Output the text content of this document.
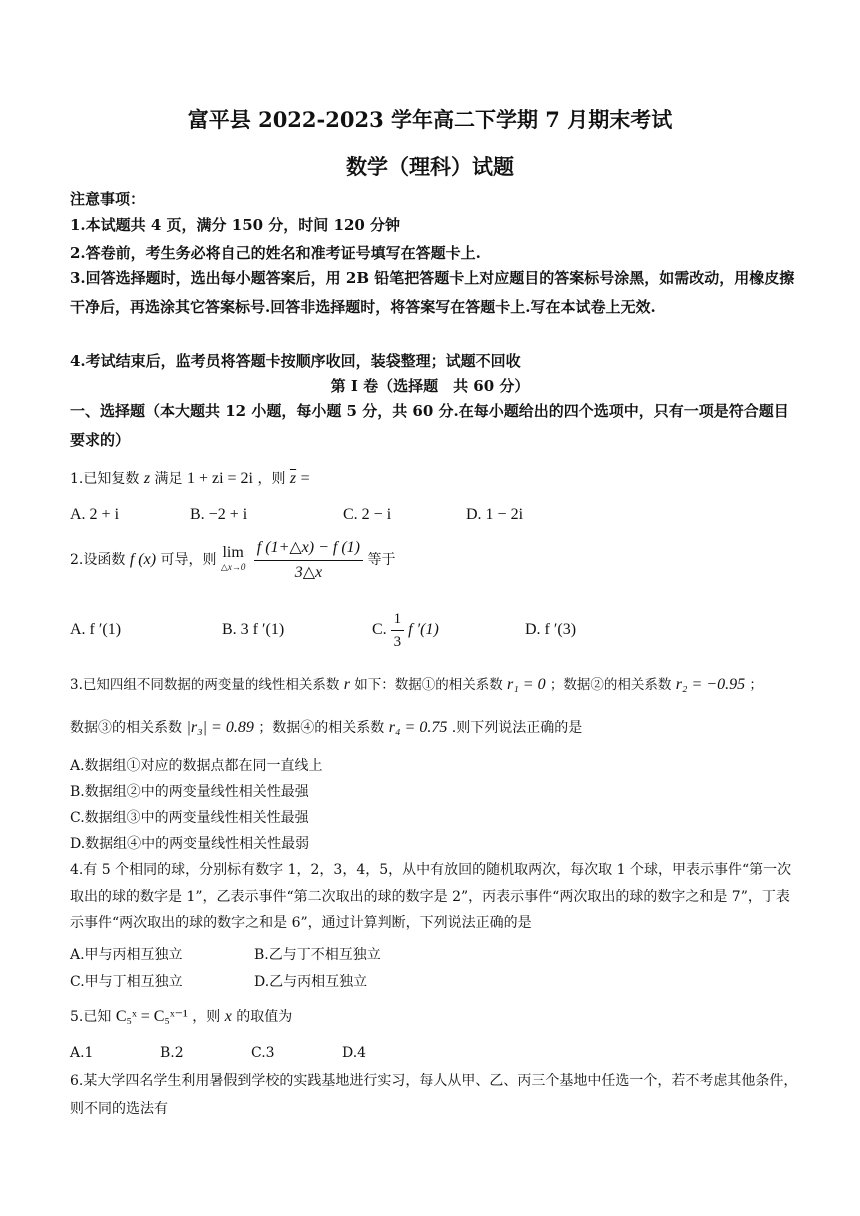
富平县 2022-2023 学年高二下学期 7 月期末考试
数学（理科）试题
注意事项：
1.本试题共 4 页，满分 150 分，时间 120 分钟
2.答卷前，考生务必将自己的姓名和准考证号填写在答题卡上.
3.回答选择题时，选出每小题答案后，用 2B 铅笔把答题卡上对应题目的答案标号涂黑，如需改动，用橡皮擦干净后，再选涂其它答案标号.回答非选择题时，将答案写在答题卡上.写在本试卷上无效.
4.考试结束后，监考员将答题卡按顺序收回，装袋整理；试题不回收
第 I 卷（选择题　共 60 分）
一、选择题（本大题共 12 小题，每小题 5 分，共 60 分.在每小题给出的四个选项中，只有一项是符合题目要求的）
1.已知复数 z 满足 1 + zi = 2i ，则 $\overline{z}$ =
A. 2 + i	B. −2 + i	C. 2 − i	D. 1 − 2i
2.设函数 f (x) 可导，则 lim
△x→0
$\frac{f (1+\triangle x) - f (1)}{3\triangle x}$ 等于
A. f ′(1)	B. 3 f ′(1)	C. $\frac{1}{3}$ f ′(1)	D. f ′(3)
3.已知四组不同数据的两变量的线性相关系数 r 如下：数据①的相关系数 r₁ = 0 ；数据②的相关系数 r₂ = −0.95 ；
数据③的相关系数 |r₃| = 0.89 ；数据④的相关系数 r₄ = 0.75 .则下列说法正确的是
A.数据组①对应的数据点都在同一直线上
B.数据组②中的两变量线性相关性最强
C.数据组③中的两变量线性相关性最强
D.数据组④中的两变量线性相关性最弱
4.有 5 个相同的球，分别标有数字 1，2，3，4，5，从中有放回的随机取两次，每次取 1 个球，甲表示事件“第一次取出的球的数字是 1”，乙表示事件“第二次取出的球的数字是 2”，丙表示事件“两次取出的球的数字之和是 7”，丁表示事件“两次取出的球的数字之和是 6”，通过计算判断，下列说法正确的是
A.甲与丙相互独立	B.乙与丁不相互独立
C.甲与丁相互独立	D.乙与丙相互独立
5.已知 C₅ˣ = C₅ˣ⁻¹ ，则 x 的取值为
A.1	B.2	C.3	D.4
6.某大学四名学生利用暑假到学校的实践基地进行实习，每人从甲、乙、丙三个基地中任选一个，若不考虑其他条件，则不同的选法有
